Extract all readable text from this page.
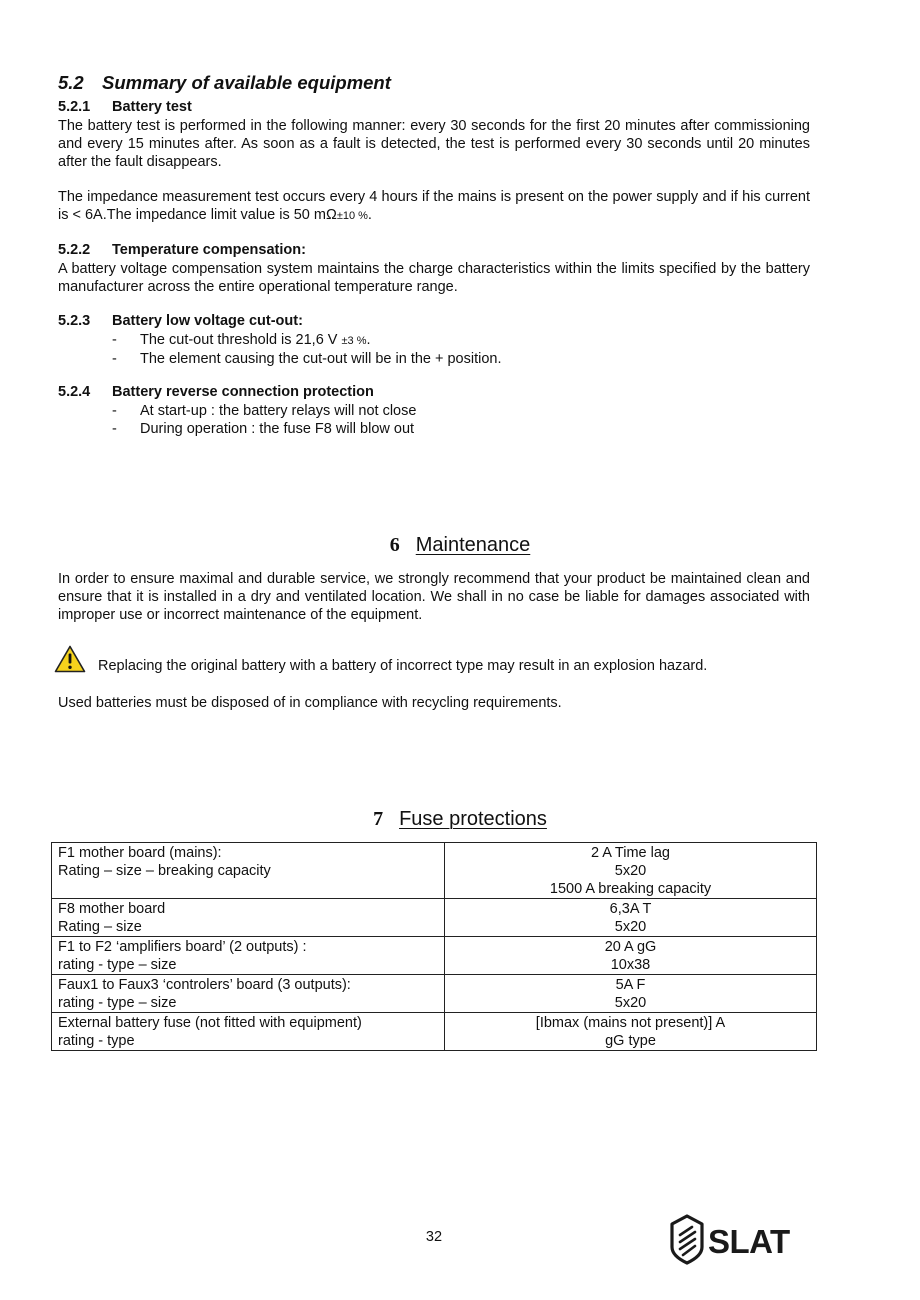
5.2 Summary of available equipment
5.2.1 Battery test
The battery test is performed in the following manner: every 30 seconds for the first 20 minutes after commissioning and every 15 minutes after. As soon as a fault is detected, the test is performed every 30 seconds until 20 minutes after the fault disappears.
The impedance measurement test occurs every 4 hours if the mains is present on the power supply and if his current is < 6A.The impedance limit value is 50 mΩ±10 %.
5.2.2 Temperature compensation:
A battery voltage compensation system maintains the charge characteristics within the limits specified by the battery manufacturer across the entire operational temperature range.
5.2.3 Battery low voltage cut-out:
- The cut-out threshold is 21,6 V ±3 %.
- The element causing the cut-out will be in the + position.
5.2.4 Battery reverse connection protection
- At start-up : the battery relays will not close
- During operation : the fuse F8 will blow out
6 Maintenance
In order to ensure maximal and durable service, we strongly recommend that your product be maintained clean and ensure that it is installed in a dry and ventilated location. We shall in no case be liable for damages associated with improper use or incorrect maintenance of the equipment.
Replacing the original battery with a battery of incorrect type may result in an explosion hazard.
Used batteries must be disposed of in compliance with recycling requirements.
7 Fuse protections
F1 mother board (mains):
Rating – size – breaking capacity	2 A Time lag
5x20
1500 A breaking capacity

F8 mother board
Rating – size	6,3A T
5x20

F1 to F2 ‘amplifiers board’ (2 outputs) :
rating - type – size	20 A gG
10x38

Faux1 to Faux3 ‘controlers’ board (3 outputs):
rating - type – size	5A F
5x20

External battery fuse (not fitted with equipment)
rating - type	[Ibmax (mains not present)] A
gG type
32	SLAT
